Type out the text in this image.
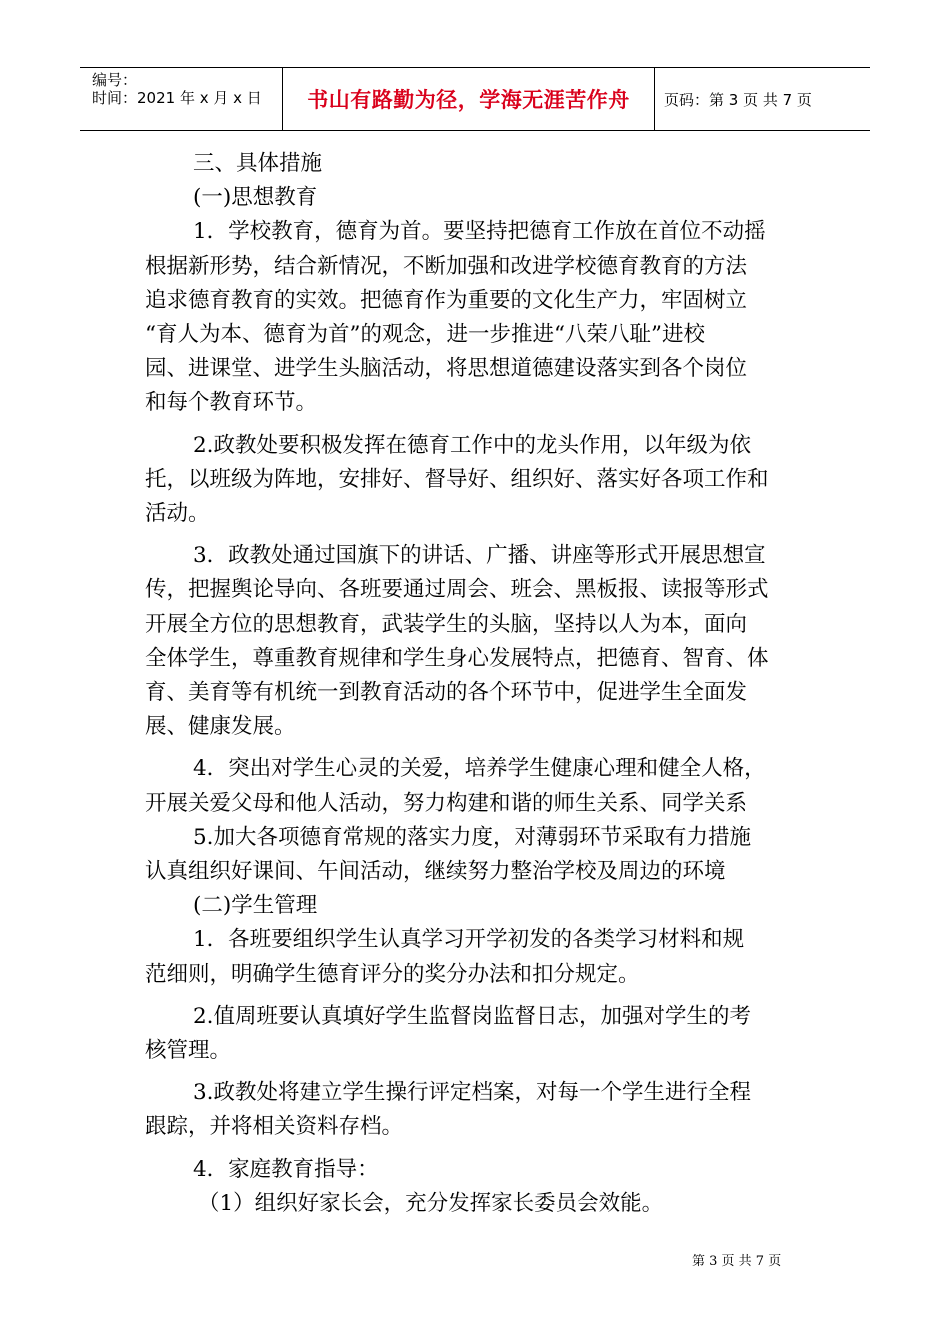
编号：
时间：2021 年 x 月 x 日 书山有路勤为径，学海无涯苦作舟 页码：第 3 页 共 7 页

三、具体措施

(一)思想教育

1．学校教育，德育为首。要坚持把德育工作放在首位不动摇

根据新形势，结合新情况，不断加强和改进学校德育教育的方法

追求德育教育的实效。把德育作为重要的文化生产力，牢固树立

“育人为本、德育为首”的观念，进一步推进“八荣八耻”进校

园、进课堂、进学生头脑活动，将思想道德建设落实到各个岗位

和每个教育环节。

2.政教处要积极发挥在德育工作中的龙头作用，以年级为依

托，以班级为阵地，安排好、督导好、组织好、落实好各项工作和

活动。

3．政教处通过国旗下的讲话、广播、讲座等形式开展思想宣

传，把握舆论导向、各班要通过周会、班会、黑板报、读报等形式

开展全方位的思想教育，武装学生的头脑，坚持以人为本，面向

全体学生，尊重教育规律和学生身心发展特点，把德育、智育、体

育、美育等有机统一到教育活动的各个环节中，促进学生全面发

展、健康发展。

4．突出对学生心灵的关爱，培养学生健康心理和健全人格，

开展关爱父母和他人活动，努力构建和谐的师生关系、同学关系

5.加大各项德育常规的落实力度，对薄弱环节采取有力措施

认真组织好课间、午间活动，继续努力整治学校及周边的环境

(二)学生管理

1．各班要组织学生认真学习开学初发的各类学习材料和规

范细则，明确学生德育评分的奖分办法和扣分规定。

2.值周班要认真填好学生监督岗监督日志，加强对学生的考

核管理。

3.政教处将建立学生操行评定档案，对每一个学生进行全程

跟踪，并将相关资料存档。

4．家庭教育指导：

（1）组织好家长会，充分发挥家长委员会效能。

第 3 页 共 7 页
